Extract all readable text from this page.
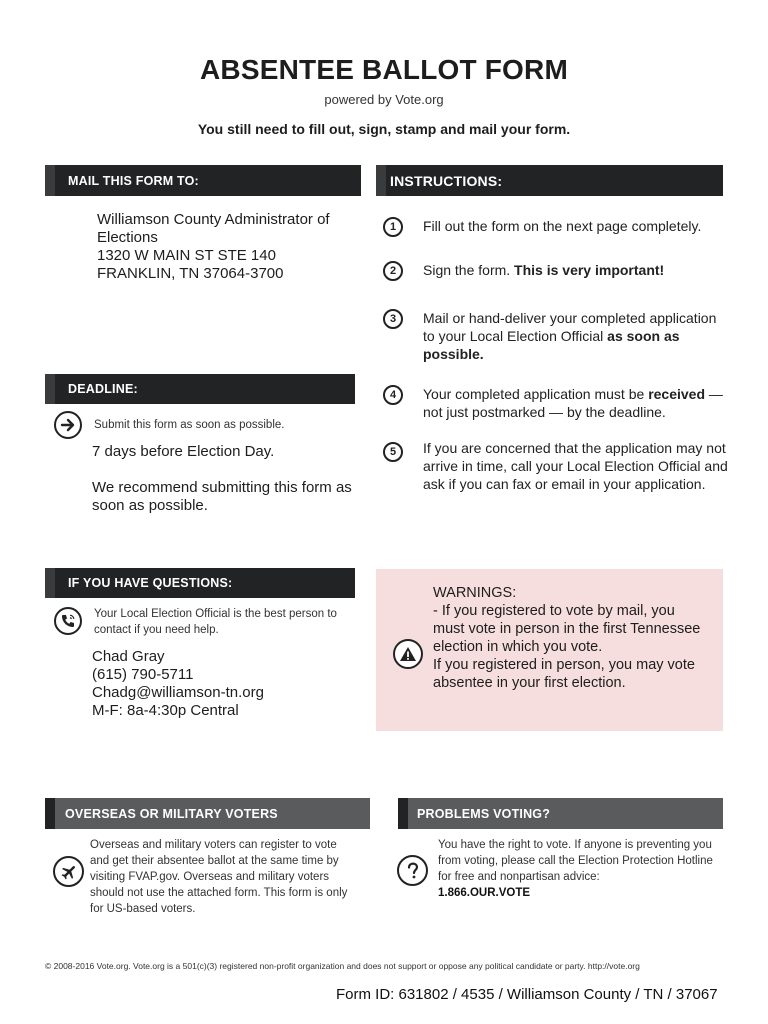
ABSENTEE BALLOT FORM
powered by Vote.org
You still need to fill out, sign, stamp and mail your form.
MAIL THIS FORM TO:
Williamson County Administrator of
Elections
1320 W MAIN ST STE 140
FRANKLIN, TN 37064-3700
INSTRUCTIONS:
1	Fill out the form on the next page completely.
2	Sign the form. This is very important!
3	Mail or hand-deliver your completed application to your Local Election Official as soon as possible.
4	Your completed application must be received — not just postmarked — by the deadline.
5	If you are concerned that the application may not arrive in time, call your Local Election Official and ask if you can fax or email in your application.
DEADLINE:
Submit this form as soon as possible.
7 days before Election Day.
We recommend submitting this form as soon as possible.
IF YOU HAVE QUESTIONS:
Your Local Election Official is the best person to contact if you need help.
Chad Gray
(615) 790-5711
Chadg@williamson-tn.org
M-F: 8a-4:30p Central
WARNINGS:
- If you registered to vote by mail, you must vote in person in the first Tennessee election in which you vote.
If you registered in person, you may vote absentee in your first election.
OVERSEAS OR MILITARY VOTERS
Overseas and military voters can register to vote and get their absentee ballot at the same time by visiting FVAP.gov. Overseas and military voters should not use the attached form. This form is only for US-based voters.
PROBLEMS VOTING?
You have the right to vote. If anyone is preventing you from voting, please call the Election Protection Hotline for free and nonpartisan advice:
1.866.OUR.VOTE
© 2008-2016 Vote.org. Vote.org is a 501(c)(3) registered non-profit organization and does not support or oppose any political candidate or party. http://vote.org
Form ID: 631802 / 4535 / Williamson County / TN / 37067
